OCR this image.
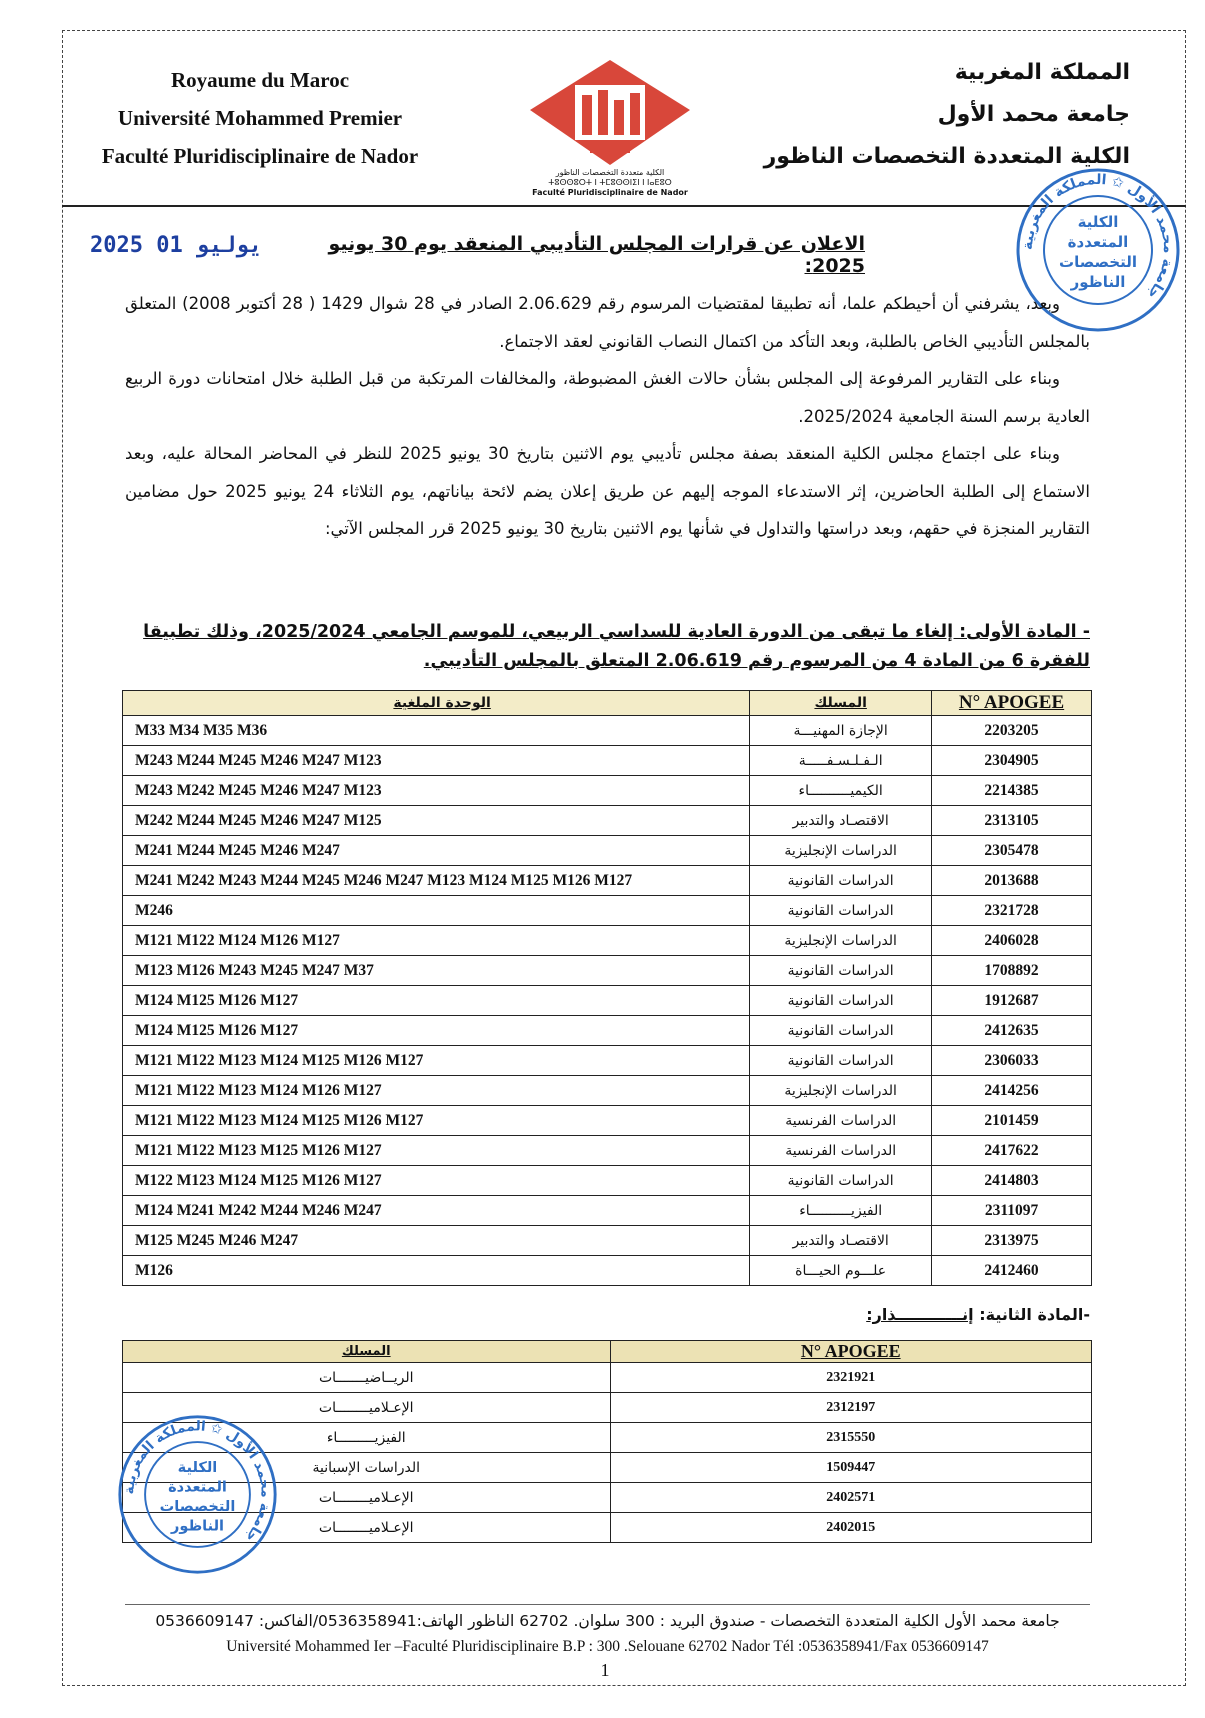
Royaume du Maroc
Université Mohammed Premier
Faculté Pluridisciplinaire de Nador
المملكة المغربية
جامعة محمد الأول
الكلية المتعددة التخصصات الناظور
الكلية متعددة التخصصات الناظور
ⵜⵓⵙⵙⵓⵔⵜ ⵏ ⵜⵎⵓⵙⵙⵏⵉⵏ ⵏ ⵏⴰⴹⵓⵔ
Faculté Pluridisciplinaire de Nador
جامعة محمد الأول ✩ المملكة المغربية
الكلية
المتعددة
التخصصات
الناظور
2025 يوليو 01	الاعلان عن قرارات المجلس التأديبي المنعقد يوم 30 يونيو 2025:

وبعد، يشرفني أن أحيطكم علما، أنه تطبيقا لمقتضيات المرسوم رقم 2.06.629 الصادر في 28 شوال 1429 ( 28 أكتوبر 2008) المتعلق بالمجلس التأديبي الخاص بالطلبة، وبعد التأكد من اكتمال النصاب القانوني لعقد الاجتماع.

وبناء على التقارير المرفوعة إلى المجلس بشأن حالات الغش المضبوطة، والمخالفات المرتكبة من قبل الطلبة خلال امتحانات دورة الربيع العادية برسم السنة الجامعية 2025/2024.

وبناء على اجتماع مجلس الكلية المنعقد بصفة مجلس تأديبي يوم الاثنين بتاريخ 30 يونيو 2025 للنظر في المحاضر المحالة عليه، وبعد الاستماع إلى الطلبة الحاضرين، إثر الاستدعاء الموجه إليهم عن طريق إعلان يضم لائحة بياناتهم، يوم الثلاثاء 24 يونيو 2025 حول مضامين التقارير المنجزة في حقهم، وبعد دراستها والتداول في شأنها يوم الاثنين بتاريخ 30 يونيو 2025 قرر المجلس الآتي:

- المادة الأولى: إلغاء ما تبقى من الدورة العادية للسداسي الربيعي، للموسم الجامعي 2025/2024، وذلك تطبيقا للفقرة 6 من المادة 4 من المرسوم رقم 2.06.619 المتعلق بالمجلس التأديبي.
الوحدة الملغية	المسلك	N° APOGEE
M33 M34 M35 M36	الإجازة المهنيـــة	2203205
M243 M244 M245 M246 M247 M123	الـفـلـسـفـــــة	2304905
M243 M242 M245 M246 M247 M123	الكيميــــــــــاء	2214385
M242 M244 M245 M246 M247 M125	الاقتصـاد والتدبير	2313105
M241 M244 M245 M246 M247	الدراسات الإنجليزية	2305478
M241 M242 M243 M244 M245 M246 M247 M123 M124 M125 M126 M127	الدراسات القانونية	2013688
M246	الدراسات القانونية	2321728
M121 M122 M124 M126 M127	الدراسات الإنجليزية	2406028
M123 M126 M243 M245 M247 M37	الدراسات القانونية	1708892
M124 M125 M126 M127	الدراسات القانونية	1912687
M124 M125 M126 M127	الدراسات القانونية	2412635
M121 M122 M123 M124 M125 M126 M127	الدراسات القانونية	2306033
M121 M122 M123 M124 M126 M127	الدراسات الإنجليزية	2414256
M121 M122 M123 M124 M125 M126 M127	الدراسات الفرنسية	2101459
M121 M122 M123 M125 M126 M127	الدراسات الفرنسية	2417622
M122 M123 M124 M125 M126 M127	الدراسات القانونية	2414803
M124 M241 M242 M244 M246 M247	الفيزيــــــــــاء	2311097
M125 M245 M246 M247	الاقتصـاد والتدبير	2313975
M126	علـــوم الحيـــاة	2412460
-المادة الثانية: إنــــــــــــذار:
المسلك	N° APOGEE
الريــاضيـــــــات	2321921
الإعـلاميــــــــات	2312197
الفيزيـــــــــاء	2315550
الدراسات الإسبانية	1509447
الإعـلاميــــــــات	2402571
الإعـلاميــــــــات	2402015
جامعة محمد الأول ✩ المملكة المغربية
الكلية
المتعددة
التخصصات
الناظور
جامعة محمد الأول الكلية المتعددة التخصصات - صندوق البريد : 300 سلوان. 62702 الناظور الهاتف:0536358941/الفاكس: 0536609147
Université Mohammed Ier –Faculté Pluridisciplinaire B.P : 300 .Selouane 62702 Nador Tél :0536358941/Fax 0536609147
1
